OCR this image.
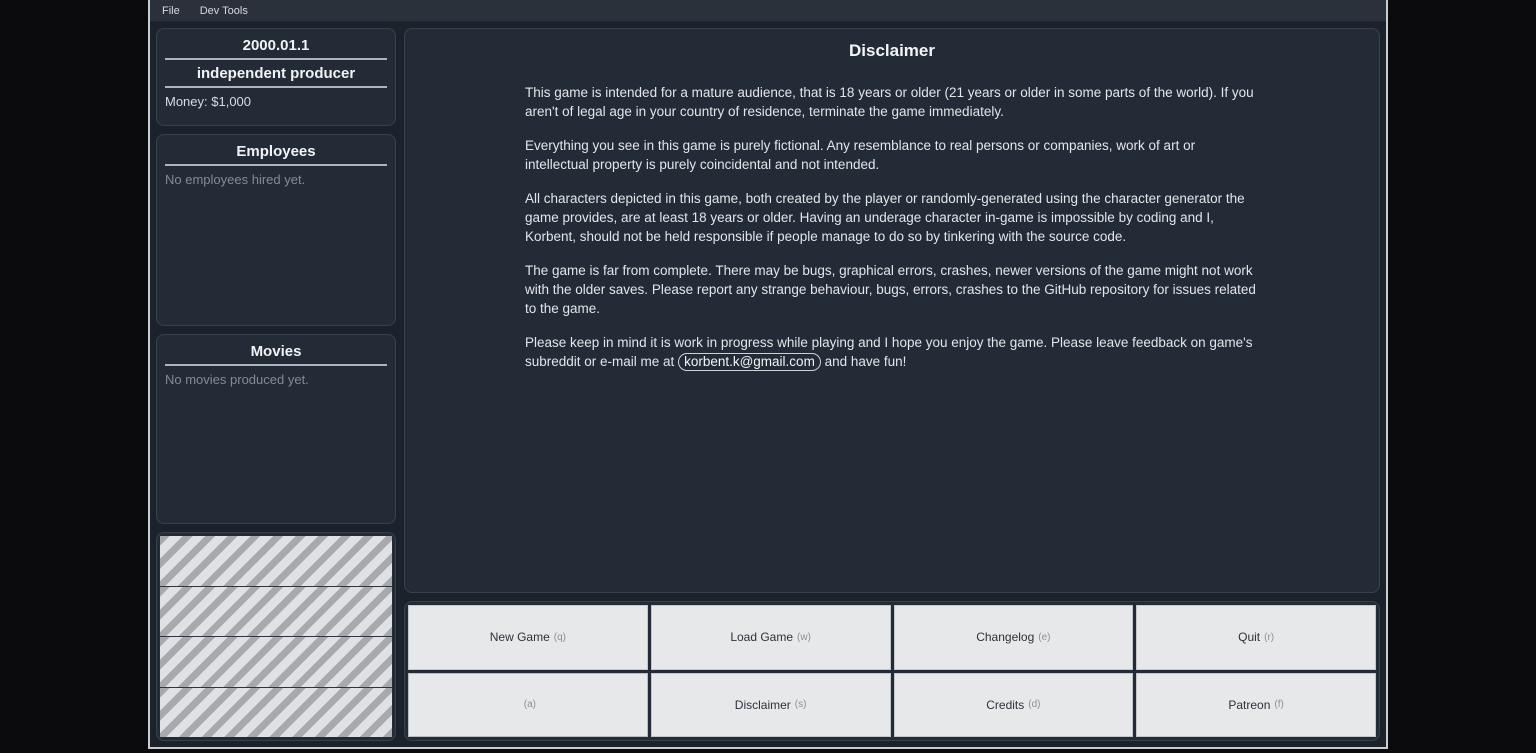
File Dev Tools
2000.01.1
independent producer
Money: $1,000
Employees
No employees hired yet.
Movies
No movies produced yet.
Disclaimer

This game is intended for a mature audience, that is 18 years or older (21 years or older in some parts of the world). If you aren't of legal age in your country of residence, terminate the game immediately.

Everything you see in this game is purely fictional. Any resemblance to real persons or companies, work of art or intellectual property is purely coincidental and not intended.

All characters depicted in this game, both created by the player or randomly-generated using the character generator the game provides, are at least 18 years or older. Having an underage character in-game is impossible by coding and I, Korbent, should not be held responsible if people manage to do so by tinkering with the source code.

The game is far from complete. There may be bugs, graphical errors, crashes, newer versions of the game might not work with the older saves. Please report any strange behaviour, bugs, errors, crashes to the GitHub repository for issues related to the game.

Please keep in mind it is work in progress while playing and I hope you enjoy the game. Please leave feedback on game's subreddit or e-mail me at korbent.k@gmail.com and have fun!

New Game (q)	Load Game (w)	Changelog (e)	Quit (r)
(a)	Disclaimer (s)	Credits (d)	Patreon (f)
